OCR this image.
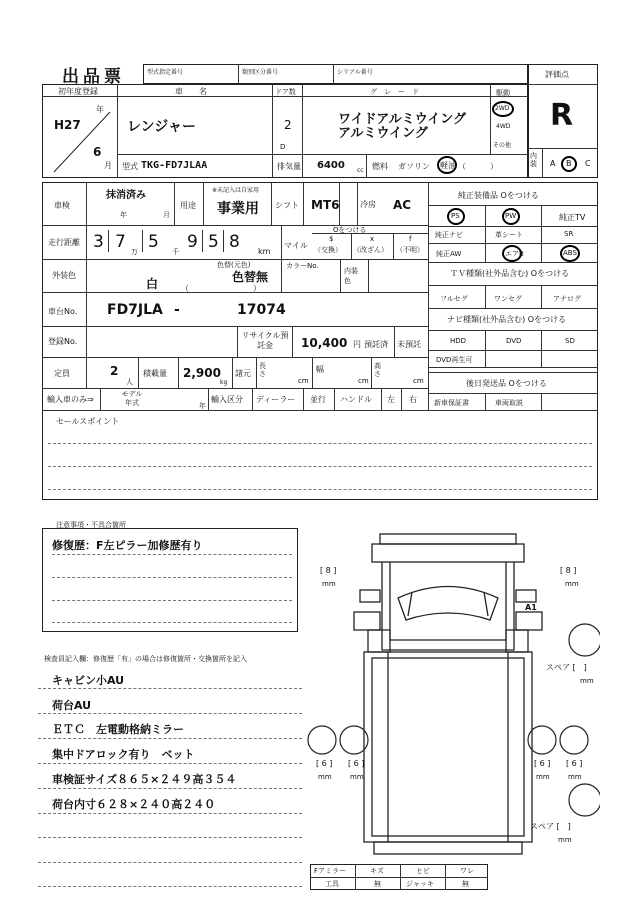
出品票	型式指定番号	類別区分番号	シリアル番号	評価点
R
内装 A B C
初年度登録
H27
年
6
月
車　　名
レンジャー
ドア数
2
D
グ　レ　ー　ド
ワイドアルミウイング
アルミウイング
駆動
2WD
4WD
その他
型式 TKG-FD7JLAA	排気量 6400 cc 燃料 ガソリン 軽油 （　　　）
車検
抹消済み
年	月
用途
※未記入は自家用
事業用 シフト MT6	冷房	AC
走行距離 3 7 万 5 千 9 5 8 km
マイル
Oをつける
$
（交換）
x
（改ざん）
f
（不明）
外装色
白
色替(元色)
色替無
（　　　　　　　　）
カラーNo.
内装色
車台No. FD7JLA -	17074
登録No.
リサイクル預託金	10,400 円 預託済 未預託
定員	2
人
積載量 2,900
kg
諸元
長さ
cm
幅
cm
高さ
cm
輸入車のみ⇒
モデル年式	年
輸入区分 ディーラー 並行 ハンドル 左 右
純正装備品 Oをつける
PS	PW	純正TV
純正ナビ	革シート	SR
純正AW	エアB	ABS
ＴＶ種類(社外品含む) Oをつける
フルセグ	ワンセグ	アナログ
ナビ種類(社外品含む) Oをつける
HDD	DVD	SD
DVD再生可
後日発送品 Oをつける
新車保証書	車両取説
セールスポイント
注意事項・不具合箇所
修復歴：F左ピラー加修歴有り
検査員記入欄：修復歴「有」の場合は修復箇所・交換箇所を記入
キャビン小AU
荷台AU
ＥＴＣ　左電動格納ミラー
集中ドアロック有り　ベット
車検証サイズ８６５×２４９高３５４
荷台内寸６２８×２４０高２４０
[ 8 ]
mm
[ 8 ]
mm
A1
スペア [　]
mm
[ 6 ]
mm
[ 6 ]
mm
[ 6 ]
mm
[ 6 ]
mm
スペア [　]
mm
Fアミラー	キズ	ヒビ	ワレ
工具	無	ジャッキ	無
